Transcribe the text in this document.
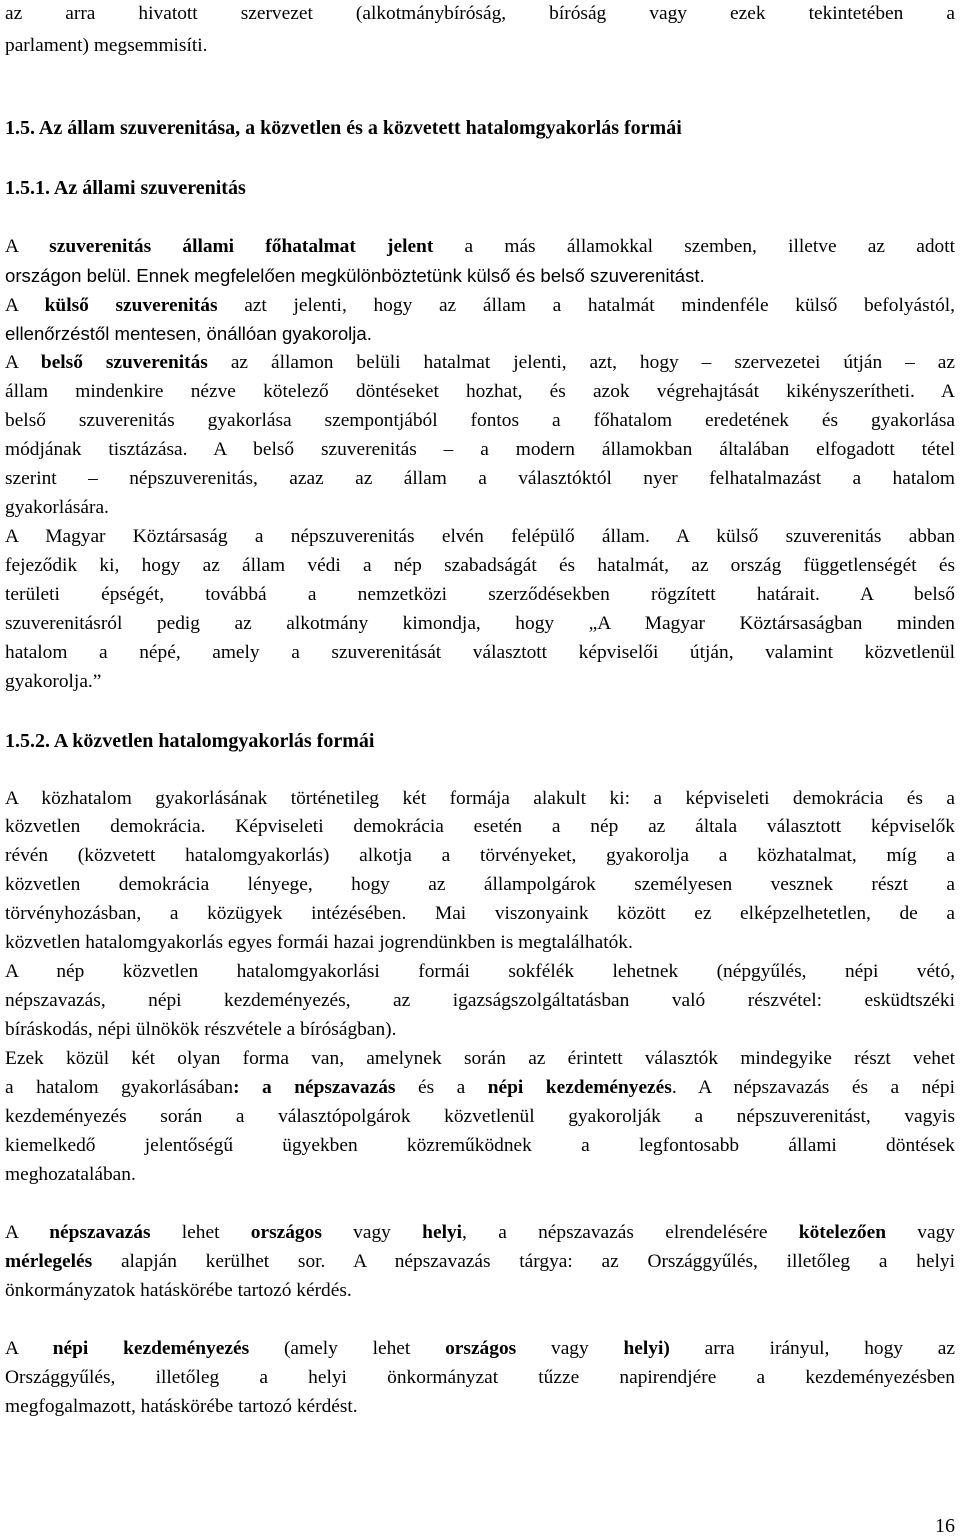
az arra hivatott szervezet (alkotmánybíróság, bíróság vagy ezek tekintetében a
parlament) megsemmisíti.
1.5. Az állam szuverenitása, a közvetlen és a közvetett hatalomgyakorlás formái
1.5.1. Az állami szuverenitás
A szuverenitás állami főhatalmat jelent a más államokkal szemben, illetve az adott
országon belül. Ennek megfelelően megkülönböztetünk külső és belső szuverenitást.
A külső szuverenitás azt jelenti, hogy az állam a hatalmát mindenféle külső befolyástól,
ellenőrzéstől mentesen, önállóan gyakorolja.
A belső szuverenitás az államon belüli hatalmat jelenti, azt, hogy – szervezetei útján – az
állam mindenkire nézve kötelező döntéseket hozhat, és azok végrehajtását kikényszerítheti. A
belső szuverenitás gyakorlása szempontjából fontos a főhatalom eredetének és gyakorlása
módjának tisztázása. A belső szuverenitás – a modern államokban általában elfogadott tétel
szerint – népszuverenitás, azaz az állam a választóktól nyer felhatalmazást a hatalom
gyakorlására.
A Magyar Köztársaság a népszuverenitás elvén felépülő állam. A külső szuverenitás abban
fejeződik ki, hogy az állam védi a nép szabadságát és hatalmát, az ország függetlenségét és
területi épségét, továbbá a nemzetközi szerződésekben rögzített határait. A belső
szuverenitásról pedig az alkotmány kimondja, hogy „A Magyar Köztársaságban minden
hatalom a népé, amely a szuverenitását választott képviselői útján, valamint közvetlenül
gyakorolja.”
1.5.2. A közvetlen hatalomgyakorlás formái
A közhatalom gyakorlásának történetileg két formája alakult ki: a képviseleti demokrácia és a
közvetlen demokrácia. Képviseleti demokrácia esetén a nép az általa választott képviselők
révén (közvetett hatalomgyakorlás) alkotja a törvényeket, gyakorolja a közhatalmat, míg a
közvetlen demokrácia lényege, hogy az állampolgárok személyesen vesznek részt a
törvényhozásban, a közügyek intézésében. Mai viszonyaink között ez elképzelhetetlen, de a
közvetlen hatalomgyakorlás egyes formái hazai jogrendünkben is megtalálhatók.
A nép közvetlen hatalomgyakorlási formái sokfélék lehetnek (népgyűlés, népi vétó,
népszavazás, népi kezdeményezés, az igazságszolgáltatásban való részvétel: esküdtszéki
bíráskodás, népi ülnökök részvétele a bíróságban).
Ezek közül két olyan forma van, amelynek során az érintett választók mindegyike részt vehet
a hatalom gyakorlásában: a népszavazás és a népi kezdeményezés. A népszavazás és a népi
kezdeményezés során a választópolgárok közvetlenül gyakorolják a népszuverenitást, vagyis
kiemelkedő jelentőségű ügyekben közreműködnek a legfontosabb állami döntések
meghozatalában.
A népszavazás lehet országos vagy helyi, a népszavazás elrendelésére kötelezően vagy
mérlegelés alapján kerülhet sor. A népszavazás tárgya: az Országgyűlés, illetőleg a helyi
önkormányzatok hatáskörébe tartozó kérdés.
A népi kezdeményezés (amely lehet országos vagy helyi) arra irányul, hogy az
Országgyűlés, illetőleg a helyi önkormányzat tűzze napirendjére a kezdeményezésben
megfogalmazott, hatáskörébe tartozó kérdést.
16
